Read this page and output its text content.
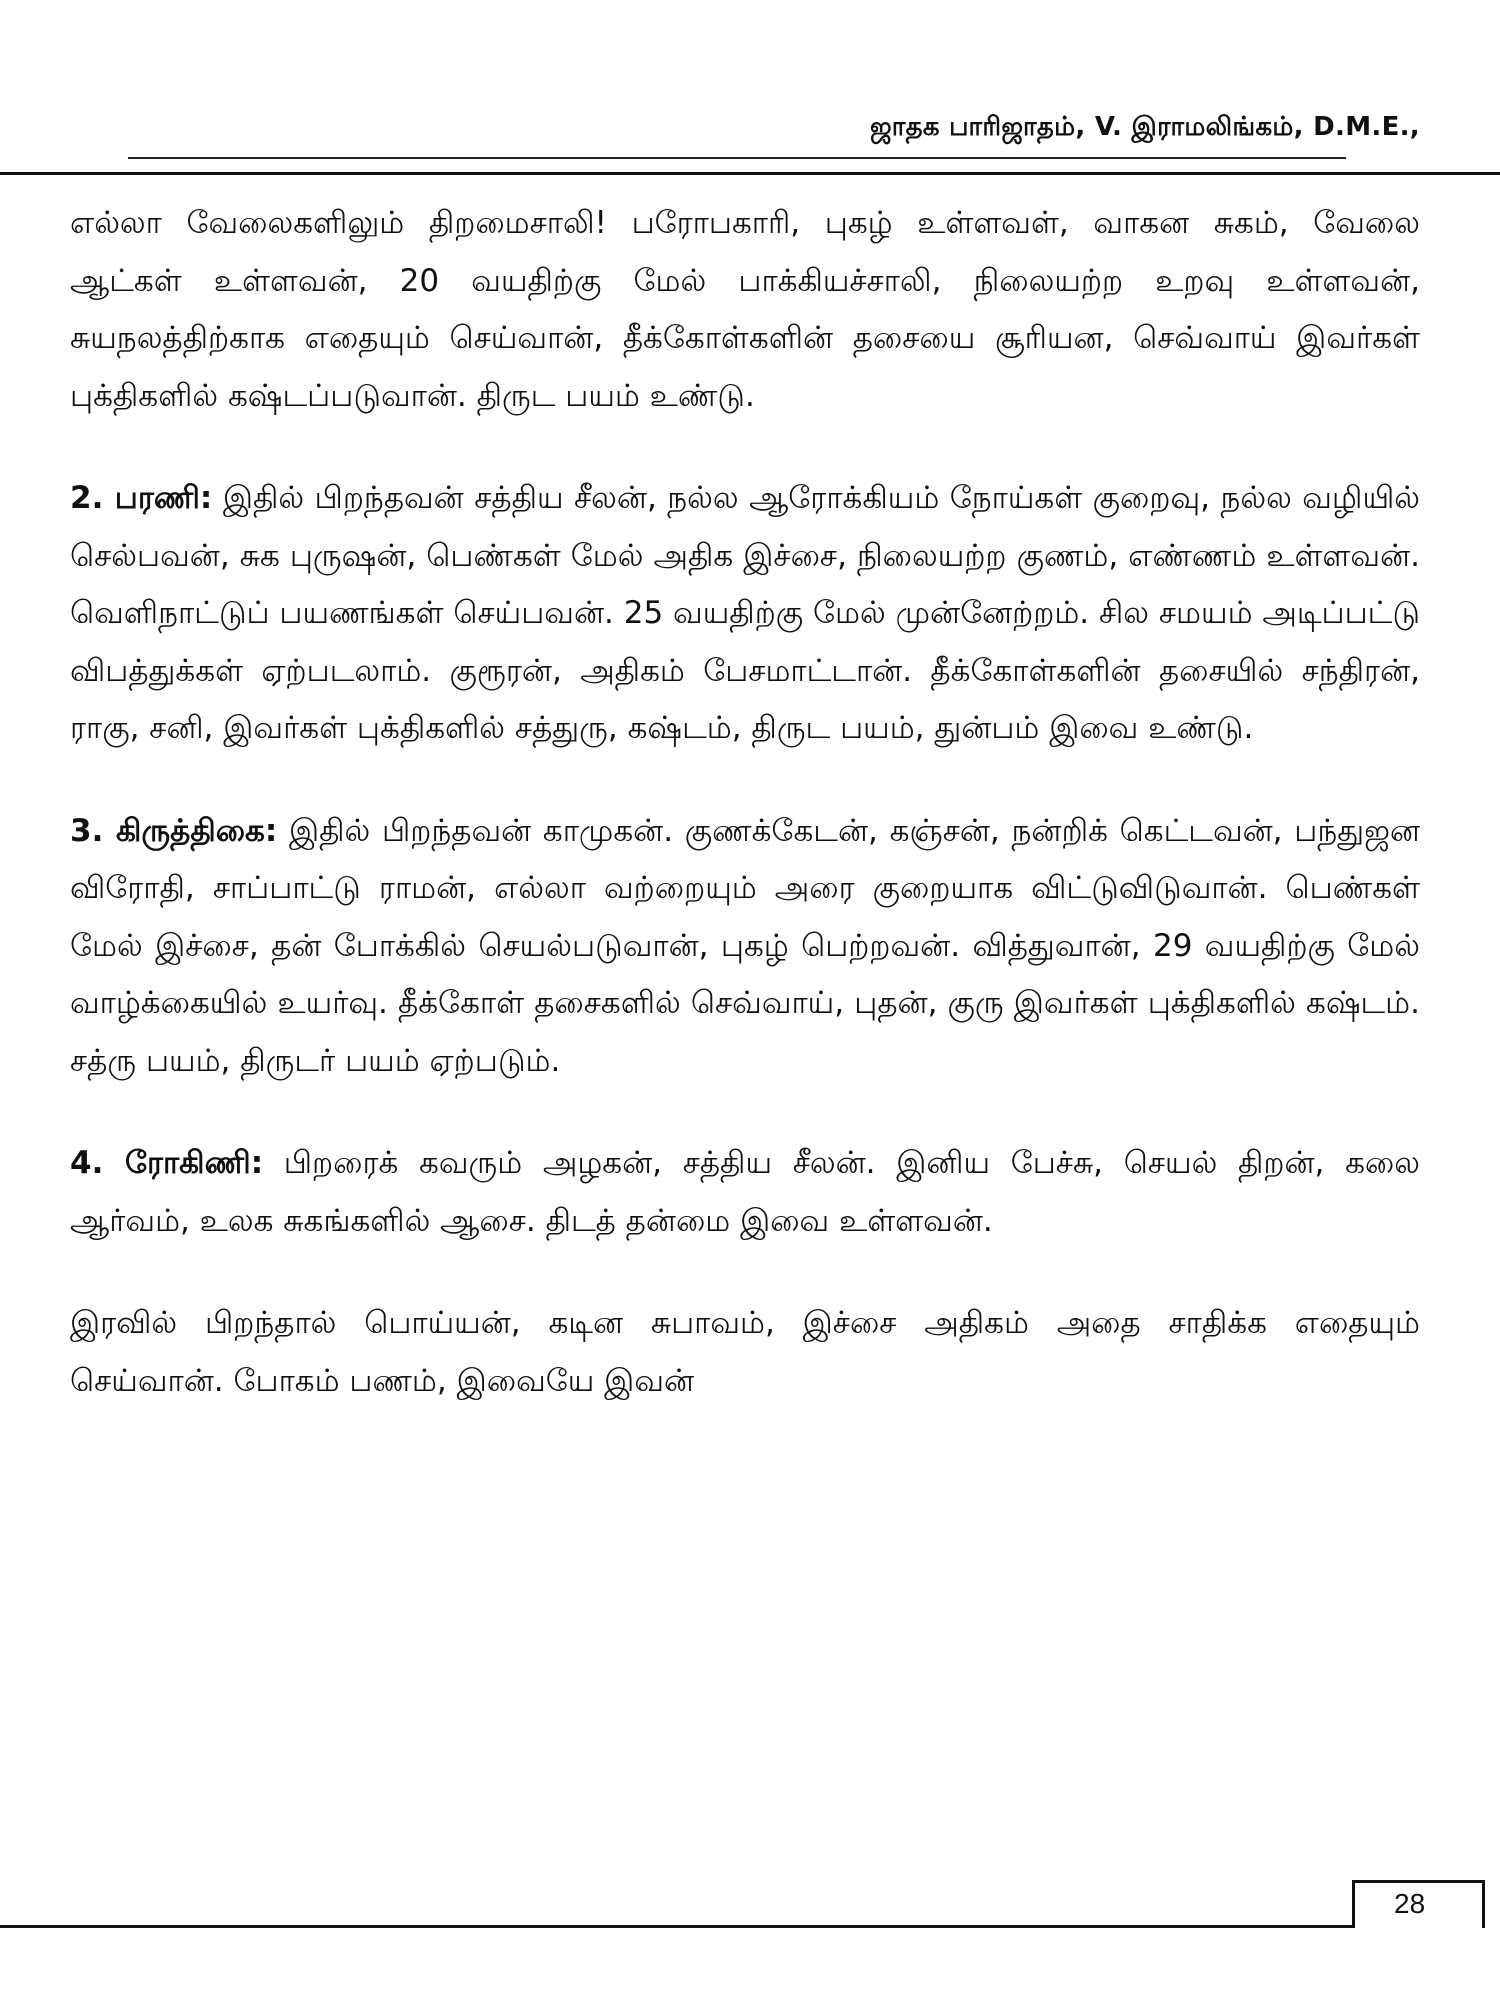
ஜாதக பாரிஜாதம், V. இராமலிங்கம், D.M.E.,

எல்லா வேலைகளிலும் திறமைசாலி! பரோபகாரி, புகழ் உள்ளவள், வாகன சுகம், வேலை ஆட்கள் உள்ளவன், 20 வயதிற்கு மேல் பாக்கியச்சாலி, நிலையற்ற உறவு உள்ளவன், சுயநலத்திற்காக எதையும் செய்வான், தீக்கோள்களின் தசையை சூரியன, செவ்வாய் இவர்கள் புக்திகளில் கஷ்டப்படுவான். திருட பயம் உண்டு.

2. பரணி: இதில் பிறந்தவன் சத்திய சீலன், நல்ல ஆரோக்கியம் நோய்கள் குறைவு, நல்ல வழியில் செல்பவன், சுக புருஷன், பெண்கள் மேல் அதிக இச்சை, நிலையற்ற குணம், எண்ணம் உள்ளவன். வெளிநாட்டுப் பயணங்கள் செய்பவன். 25 வயதிற்கு மேல் முன்னேற்றம். சில சமயம் அடிப்பட்டு விபத்துக்கள் ஏற்படலாம். குரூரன், அதிகம் பேசமாட்டான். தீக்கோள்களின் தசையில் சந்திரன், ராகு, சனி, இவர்கள் புக்திகளில் சத்துரு, கஷ்டம், திருட பயம், துன்பம் இவை உண்டு.

3. கிருத்திகை: இதில் பிறந்தவன் காமுகன். குணக்கேடன், கஞ்சன், நன்றிக் கெட்டவன், பந்துஜன விரோதி, சாப்பாட்டு ராமன், எல்லா வற்றையும் அரை குறையாக விட்டுவிடுவான். பெண்கள் மேல் இச்சை, தன் போக்கில் செயல்படுவான், புகழ் பெற்றவன். வித்துவான், 29 வயதிற்கு மேல் வாழ்க்கையில் உயர்வு. தீக்கோள் தசைகளில் செவ்வாய், புதன், குரு இவர்கள் புக்திகளில் கஷ்டம். சத்ரு பயம், திருடர் பயம் ஏற்படும்.

4. ரோகிணி: பிறரைக் கவரும் அழகன், சத்திய சீலன். இனிய பேச்சு, செயல் திறன், கலை ஆர்வம், உலக சுகங்களில் ஆசை. திடத் தன்மை இவை உள்ளவன்.

இரவில் பிறந்தால் பொய்யன், கடின சுபாவம், இச்சை அதிகம் அதை சாதிக்க எதையும் செய்வான். போகம் பணம், இவையே இவன்

28
